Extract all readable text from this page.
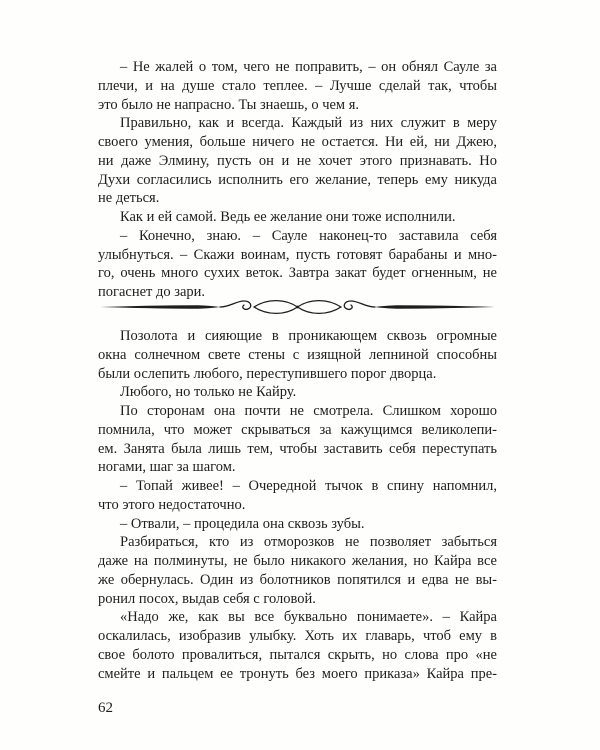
– Не жалей о том, чего не поправить, – он обнял Сауле за
плечи, и на душе стало теплее. – Лучше сделай так, чтобы
это было не напрасно. Ты знаешь, о чем я.

Правильно, как и всегда. Каждый из них служит в меру
своего умения, больше ничего не остается. Ни ей, ни Джею,
ни даже Элмину, пусть он и не хочет этого признавать. Но
Духи согласились исполнить его желание, теперь ему никуда
не деться.

Как и ей самой. Ведь ее желание они тоже исполнили.

– Конечно, знаю. – Сауле наконец-то заставила себя
улыбнуться. – Скажи воинам, пусть готовят барабаны и мно-
го, очень много сухих веток. Завтра закат будет огненным, не
погаснет до зари.

Позолота и сияющие в проникающем сквозь огромные
окна солнечном свете стены с изящной лепниной способны
были ослепить любого, переступившего порог дворца.

Любого, но только не Кайру.

По сторонам она почти не смотрела. Слишком хорошо
помнила, что может скрываться за кажущимся великолепи-
ем. Занята была лишь тем, чтобы заставить себя переступать
ногами, шаг за шагом.

– Топай живее! – Очередной тычок в спину напомнил,
что этого недостаточно.

– Отвали, – процедила она сквозь зубы.

Разбираться, кто из отморозков не позволяет забыться
даже на полминуты, не было никакого желания, но Кайра все
же обернулась. Один из болотников попятился и едва не вы-
ронил посох, выдав себя с головой.

«Надо же, как вы все буквально понимаете». – Кайра
оскалилась, изобразив улыбку. Хоть их главарь, чтоб ему в
свое болото провалиться, пытался скрыть, но слова про «не
смейте и пальцем ее тронуть без моего приказа» Кайра пре-

62
